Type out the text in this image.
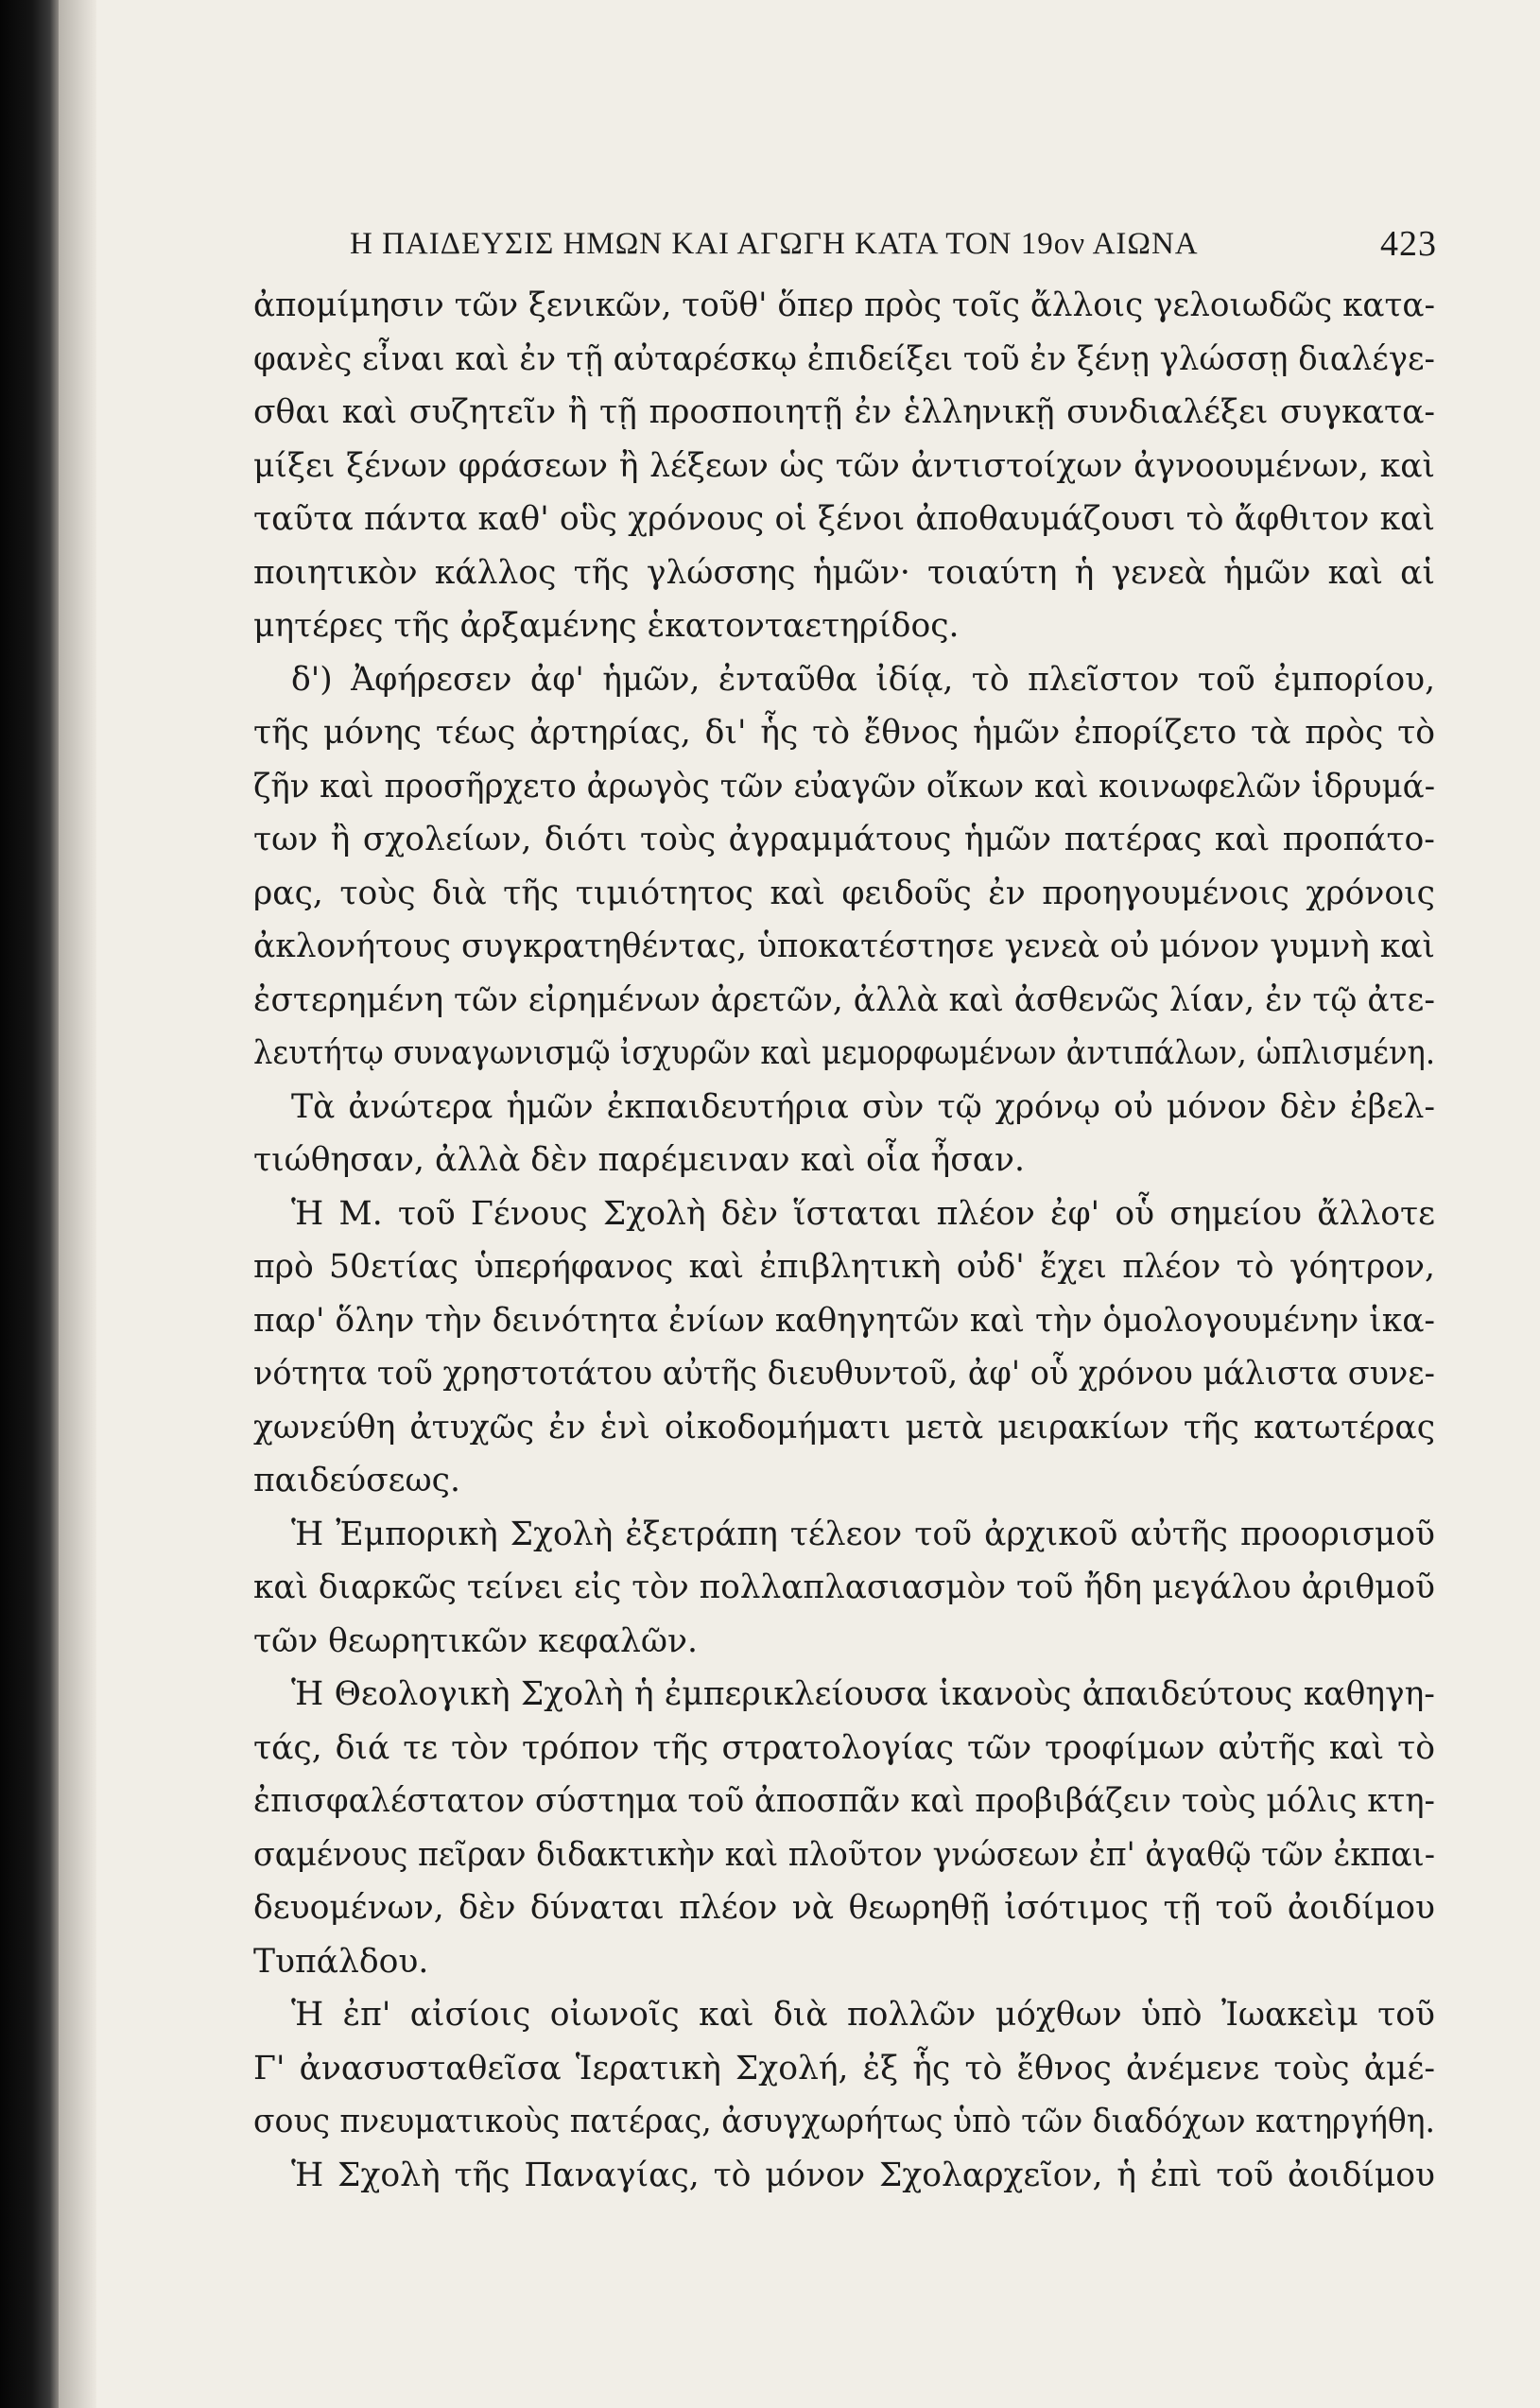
Η ΠΑΙΔΕΥΣΙΣ ΗΜΩΝ ΚΑΙ ΑΓΩΓΗ ΚΑΤΑ ΤΟΝ 19ον ΑΙΩΝΑ	423
ἀπομίμησιν τῶν ξενικῶν, τοῦθ' ὅπερ πρὸς τοῖς ἄλλοις γελοιωδῶς κατα-
φανὲς εἶναι καὶ ἐν τῇ αὐταρέσκῳ ἐπιδείξει τοῦ ἐν ξένῃ γλώσσῃ διαλέγε-
σθαι καὶ συζητεῖν ἢ τῇ προσποιητῇ ἐν ἑλληνικῇ συνδιαλέξει συγκατα-
μίξει ξένων φράσεων ἢ λέξεων ὡς τῶν ἀντιστοίχων ἀγνοουμένων, καὶ
ταῦτα πάντα καθ' οὓς χρόνους οἱ ξένοι ἀποθαυμάζουσι τὸ ἄφθιτον καὶ
ποιητικὸν κάλλος τῆς γλώσσης ἡμῶν· τοιαύτη ἡ γενεὰ ἡμῶν καὶ αἱ
μητέρες τῆς ἀρξαμένης ἑκατονταετηρίδος.
δ') Ἀφήρεσεν ἀφ' ἡμῶν, ἐνταῦθα ἰδίᾳ, τὸ πλεῖστον τοῦ ἐμπορίου,
τῆς μόνης τέως ἀρτηρίας, δι' ἧς τὸ ἔθνος ἡμῶν ἐπορίζετο τὰ πρὸς τὸ
ζῆν καὶ προσῆρχετο ἀρωγὸς τῶν εὐαγῶν οἴκων καὶ κοινωφελῶν ἱδρυμά-
των ἢ σχολείων, διότι τοὺς ἀγραμμάτους ἡμῶν πατέρας καὶ προπάτο-
ρας, τοὺς διὰ τῆς τιμιότητος καὶ φειδοῦς ἐν προηγουμένοις χρόνοις
ἀκλονήτους συγκρατηθέντας, ὑποκατέστησε γενεὰ οὐ μόνον γυμνὴ καὶ
ἐστερημένη τῶν εἰρημένων ἀρετῶν, ἀλλὰ καὶ ἀσθενῶς λίαν, ἐν τῷ ἀτε-
λευτήτῳ συναγωνισμῷ ἰσχυρῶν καὶ μεμορφωμένων ἀντιπάλων, ὡπλισμένη.
Τὰ ἀνώτερα ἡμῶν ἐκπαιδευτήρια σὺν τῷ χρόνῳ οὐ μόνον δὲν ἐβελ-
τιώθησαν, ἀλλὰ δὲν παρέμειναν καὶ οἷα ἦσαν.
Ἡ Μ. τοῦ Γένους Σχολὴ δὲν ἵσταται πλέον ἐφ' οὗ σημείου ἄλλοτε
πρὸ 50ετίας ὑπερήφανος καὶ ἐπιβλητικὴ οὐδ' ἔχει πλέον τὸ γόητρον,
παρ' ὅλην τὴν δεινότητα ἐνίων καθηγητῶν καὶ τὴν ὁμολογουμένην ἱκα-
νότητα τοῦ χρηστοτάτου αὐτῆς διευθυντοῦ, ἀφ' οὗ χρόνου μάλιστα συνε-
χωνεύθη ἀτυχῶς ἐν ἑνὶ οἰκοδομήματι μετὰ μειρακίων τῆς κατωτέρας
παιδεύσεως.
Ἡ Ἐμπορικὴ Σχολὴ ἐξετράπη τέλεον τοῦ ἀρχικοῦ αὐτῆς προορισμοῦ
καὶ διαρκῶς τείνει εἰς τὸν πολλαπλασιασμὸν τοῦ ἤδη μεγάλου ἀριθμοῦ
τῶν θεωρητικῶν κεφαλῶν.
Ἡ Θεολογικὴ Σχολὴ ἡ ἐμπερικλείουσα ἱκανοὺς ἀπαιδεύτους καθηγη-
τάς, διά τε τὸν τρόπον τῆς στρατολογίας τῶν τροφίμων αὐτῆς καὶ τὸ
ἐπισφαλέστατον σύστημα τοῦ ἀποσπᾶν καὶ προβιβάζειν τοὺς μόλις κτη-
σαμένους πεῖραν διδακτικὴν καὶ πλοῦτον γνώσεων ἐπ' ἀγαθῷ τῶν ἐκπαι-
δευομένων, δὲν δύναται πλέον νὰ θεωρηθῇ ἰσότιμος τῇ τοῦ ἀοιδίμου
Τυπάλδου.
Ἡ ἐπ' αἰσίοις οἰωνοῖς καὶ διὰ πολλῶν μόχθων ὑπὸ Ἰωακεὶμ τοῦ
Γ' ἀνασυσταθεῖσα Ἱερατικὴ Σχολή, ἐξ ἧς τὸ ἔθνος ἀνέμενε τοὺς ἀμέ-
σους πνευματικοὺς πατέρας, ἀσυγχωρήτως ὑπὸ τῶν διαδόχων κατηργήθη.
Ἡ Σχολὴ τῆς Παναγίας, τὸ μόνον Σχολαρχεῖον, ἡ ἐπὶ τοῦ ἀοιδίμου
